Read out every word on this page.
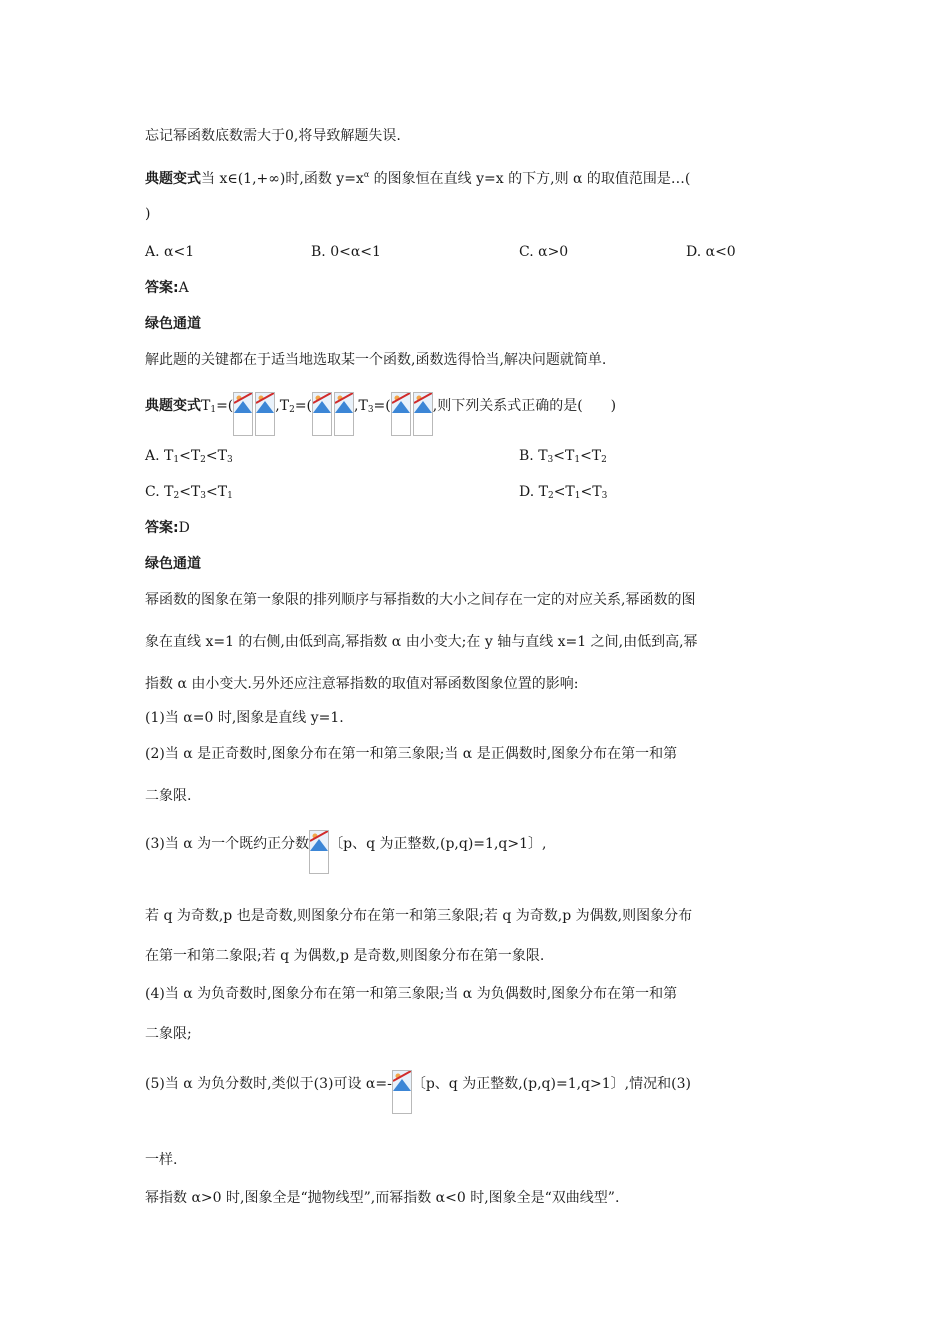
忘记幂函数底数需大于0,将导致解题失误.
典题变式当 x∈(1,+∞)时,函数 $y=x^\alpha$ 的图象恒在直线 y=x 的下方,则 α 的取值范围是…(
)
A. α<1	B. 0<α<1	C. α>0	D. α<0
答案:A
绿色通道
解此题的关键都在于适当地选取某一个函数,函数选得恰当,解决问题就简单.
典题变式$T_1=$(	$,T_2=$(	$,T_3=$(	,则下列关系式正确的是(　　)
A. $T_1<T_2<T_3$	B. $T_3<T_1<T_2$
C. $T_2<T_3<T_1$	D. $T_2<T_1<T_3$
答案:D
绿色通道
幂函数的图象在第一象限的排列顺序与幂指数的大小之间存在一定的对应关系,幂函数的图
象在直线 x=1 的右侧,由低到高,幂指数 α 由小变大;在 y 轴与直线 x=1 之间,由低到高,幂
指数 α 由小变大.另外还应注意幂指数的取值对幂函数图象位置的影响:
(1)当 α=0 时,图象是直线 y=1.
(2)当 α 是正奇数时,图象分布在第一和第三象限;当 α 是正偶数时,图象分布在第一和第
二象限.
(3)当 α 为一个既约正分数 〔p、q 为正整数,(p,q)=1,q>1〕,
若 q 为奇数,p 也是奇数,则图象分布在第一和第三象限;若 q 为奇数,p 为偶数,则图象分布
在第一和第二象限;若 q 为偶数,p 是奇数,则图象分布在第一象限.
(4)当 α 为负奇数时,图象分布在第一和第三象限;当 α 为负偶数时,图象分布在第一和第
二象限;
(5)当 α 为负分数时,类似于(3)可设 α=- 〔p、q 为正整数,(p,q)=1,q>1〕,情况和(3)
一样.
幂指数 α>0 时,图象全是“抛物线型”,而幂指数 α<0 时,图象全是“双曲线型”.
